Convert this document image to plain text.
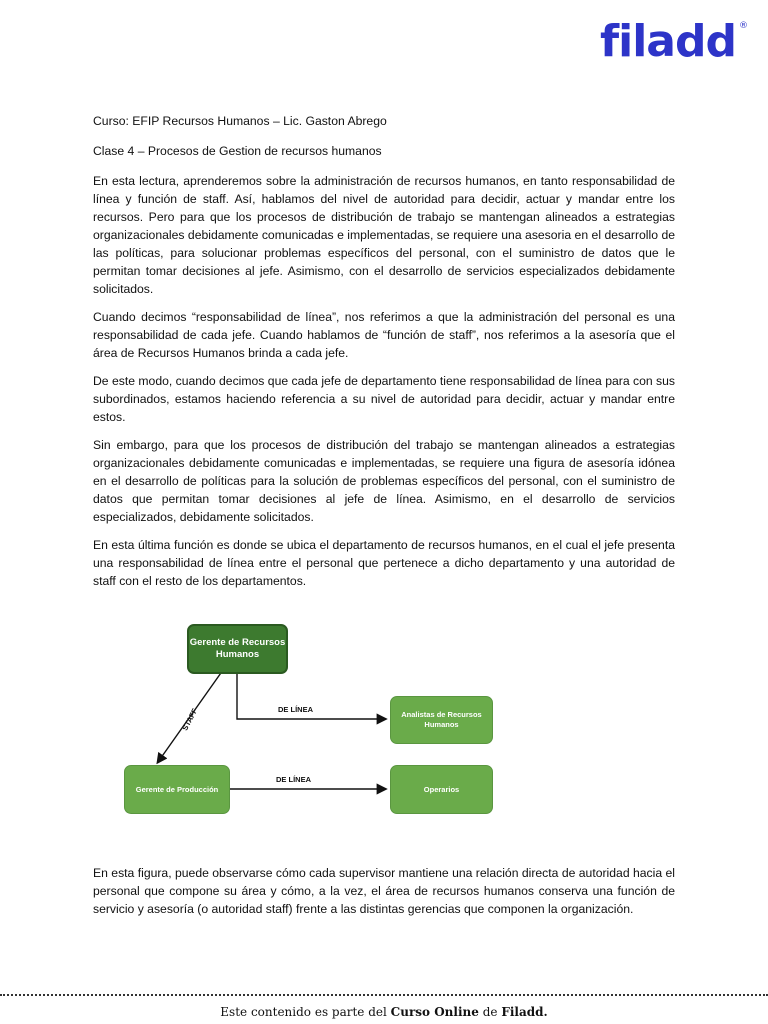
filadd ®

Curso: EFIP Recursos Humanos – Lic. Gaston Abrego

Clase 4 – Procesos de Gestion de recursos humanos

En esta lectura, aprenderemos sobre la administración de recursos humanos, en tanto responsabilidad de línea y función de staff. Así, hablamos del nivel de autoridad para decidir, actuar y mandar entre los recursos. Pero para que los procesos de distribución de trabajo se mantengan alineados a estrategias organizacionales debidamente comunicadas e implementadas, se requiere una asesoria en el desarrollo de las políticas, para solucionar problemas específicos del personal, con el suministro de datos que le permitan tomar decisiones al jefe. Asimismo, con el desarrollo de servicios especializados debidamente solicitados.

Cuando decimos “responsabilidad de línea”, nos referimos a que la administración del personal es una responsabilidad de cada jefe. Cuando hablamos de “función de staff”, nos referimos a la asesoría que el área de Recursos Humanos brinda a cada jefe.

De este modo, cuando decimos que cada jefe de departamento tiene responsabilidad de línea para con sus subordinados, estamos haciendo referencia a su nivel de autoridad para decidir, actuar y mandar entre estos.

Sin embargo, para que los procesos de distribución del trabajo se mantengan alineados a estrategias organizacionales debidamente comunicadas e implementadas, se requiere una figura de asesoría idónea en el desarrollo de políticas para la solución de problemas específicos del personal, con el suministro de datos que permitan tomar decisiones al jefe de línea. Asimismo, en el desarrollo de servicios especializados, debidamente solicitados.

En esta última función es donde se ubica el departamento de recursos humanos, en el cual el jefe presenta una responsabilidad de línea entre el personal que pertenece a dicho departamento y una autoridad de staff con el resto de los departamentos.

Gerente de Recursos Humanos
Analistas de Recursos Humanos
Gerente de Producción	Operarios
DE LÍNEA
DE LÍNEA
STAFF

En esta figura, puede observarse cómo cada supervisor mantiene una relación directa de autoridad hacia el personal que compone su área y cómo, a la vez, el área de recursos humanos conserva una función de servicio y asesoría (o autoridad staff) frente a las distintas gerencias que componen la organización.

Este contenido es parte del Curso Online de Filadd.
